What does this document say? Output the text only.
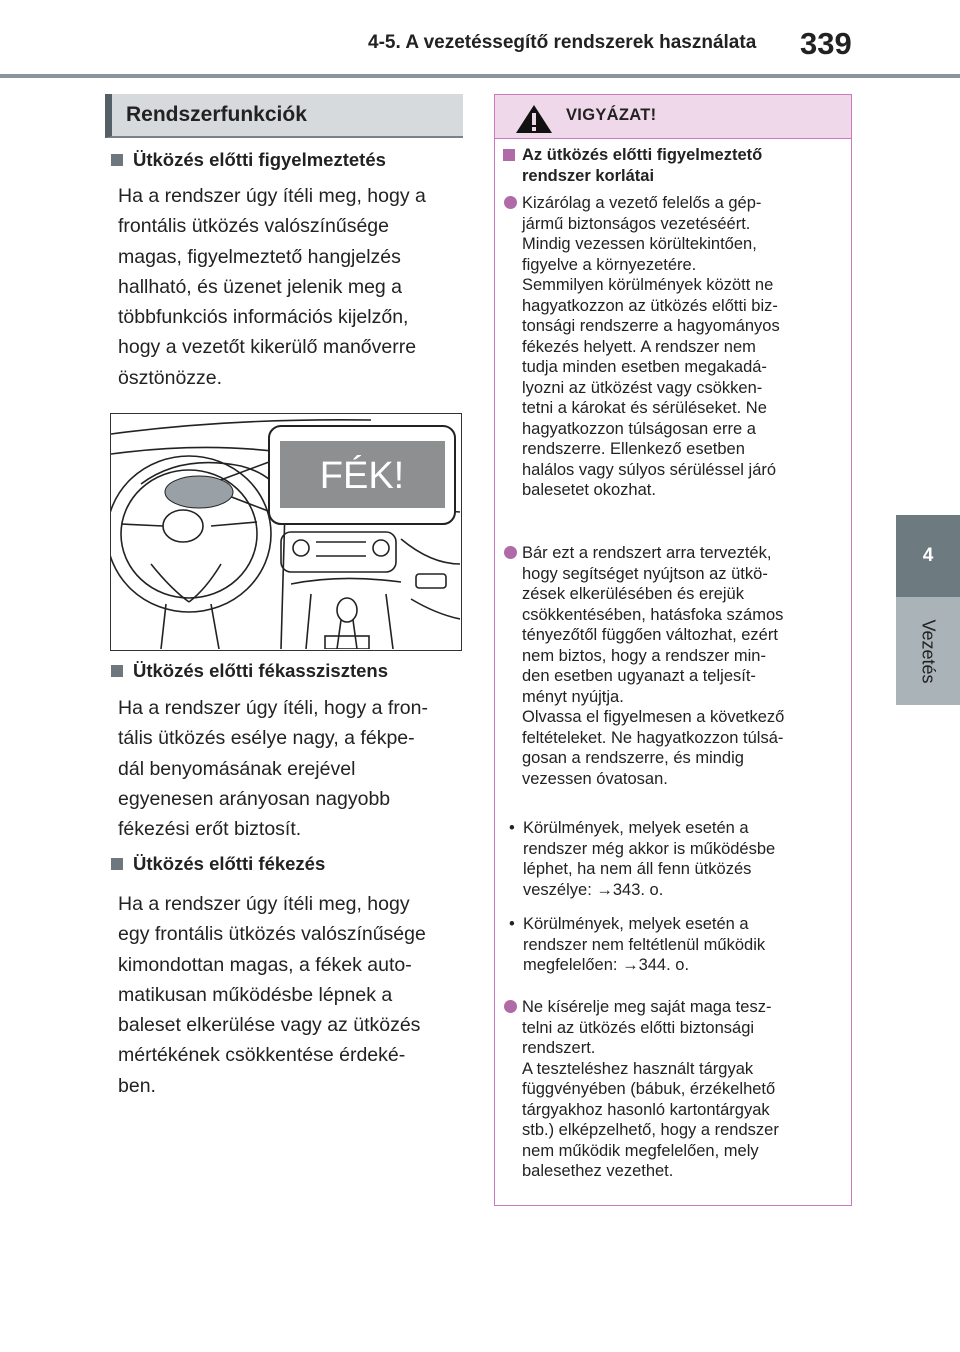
4-5. A vezetéssegítő rendszerek használata	339
4
Vezetés
Rendszerfunkciók
Ütközés előtti figyelmeztetés
Ha a rendszer úgy ítéli meg, hogy a
frontális ütközés valószínűsége
magas, figyelmeztető hangjelzés
hallható, és üzenet jelenik meg a
többfunkciós információs kijelzőn,
hogy a vezetőt kikerülő manőverre
ösztönözze.
FÉK!
Ütközés előtti fékasszisztens
Ha a rendszer úgy ítéli, hogy a fron-
tális ütközés esélye nagy, a fékpe-
dál benyomásának erejével
egyenesen arányosan nagyobb
fékezési erőt biztosít.
Ütközés előtti fékezés
Ha a rendszer úgy ítéli meg, hogy
egy frontális ütközés valószínűsége
kimondottan magas, a fékek auto-
matikusan működésbe lépnek a
baleset elkerülése vagy az ütközés
mértékének csökkentése érdeké-
ben.
VIGYÁZAT!
Az ütközés előtti figyelmeztető
rendszer korlátai
Kizárólag a vezető felelős a gép-
jármű biztonságos vezetéséért.
Mindig vezessen körültekintően,
figyelve a környezetére.
Semmilyen körülmények között ne
hagyatkozzon az ütközés előtti biz-
tonsági rendszerre a hagyományos
fékezés helyett. A rendszer nem
tudja minden esetben megakadá-
lyozni az ütközést vagy csökken-
tetni a károkat és sérüléseket. Ne
hagyatkozzon túlságosan erre a
rendszerre. Ellenkező esetben
halálos vagy súlyos sérüléssel járó
balesetet okozhat.
Bár ezt a rendszert arra tervezték,
hogy segítséget nyújtson az ütkö-
zések elkerülésében és erejük
csökkentésében, hatásfoka számos
tényezőtől függően változhat, ezért
nem biztos, hogy a rendszer min-
den esetben ugyanazt a teljesít-
ményt nyújtja.
Olvassa el figyelmesen a következő
feltételeket. Ne hagyatkozzon túlsá-
gosan a rendszerre, és mindig
vezessen óvatosan.
• Körülmények, melyek esetén a
rendszer még akkor is működésbe
léphet, ha nem áll fenn ütközés
veszélye: →343. o.
• Körülmények, melyek esetén a
rendszer nem feltétlenül működik
megfelelően: →344. o.
Ne kísérelje meg saját maga tesz-
telni az ütközés előtti biztonsági
rendszert.
A teszteléshez használt tárgyak
függvényében (bábuk, érzékelhető
tárgyakhoz hasonló kartontárgyak
stb.) elképzelhető, hogy a rendszer
nem működik megfelelően, mely
balesethez vezethet.
